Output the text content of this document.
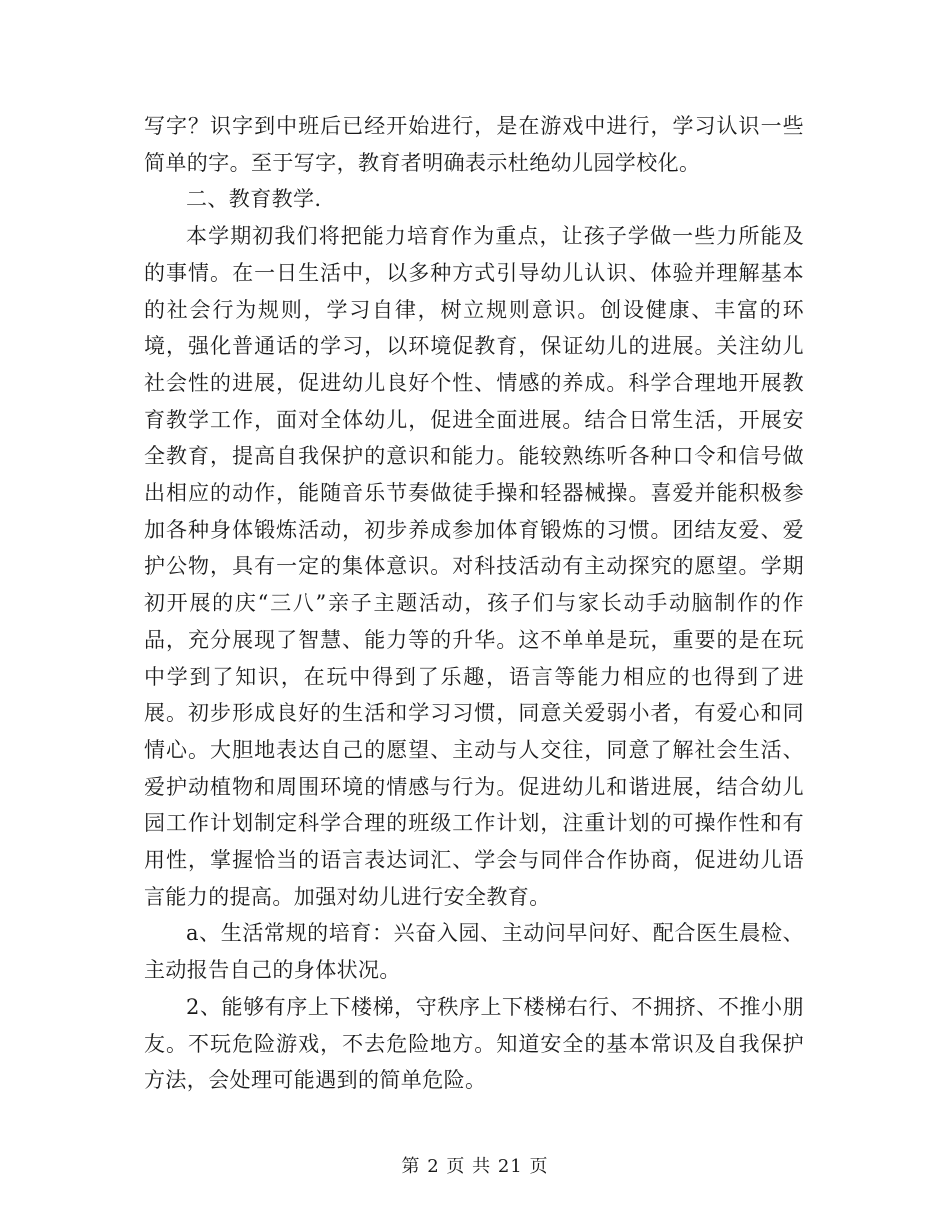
写字？识字到中班后已经开始进行，是在游戏中进行，学习认识一些简单的字。至于写字，教育者明确表示杜绝幼儿园学校化。

二、教育教学.

本学期初我们将把能力培育作为重点，让孩子学做一些力所能及的事情。在一日生活中，以多种方式引导幼儿认识、体验并理解基本的社会行为规则，学习自律，树立规则意识。创设健康、丰富的环境，强化普通话的学习，以环境促教育，保证幼儿的进展。关注幼儿社会性的进展，促进幼儿良好个性、情感的养成。科学合理地开展教育教学工作，面对全体幼儿，促进全面进展。结合日常生活，开展安全教育，提高自我保护的意识和能力。能较熟练听各种口令和信号做出相应的动作，能随音乐节奏做徒手操和轻器械操。喜爱并能积极参加各种身体锻炼活动，初步养成参加体育锻炼的习惯。团结友爱、爱护公物，具有一定的集体意识。对科技活动有主动探究的愿望。学期初开展的庆“三八”亲子主题活动，孩子们与家长动手动脑制作的作品，充分展现了智慧、能力等的升华。这不单单是玩，重要的是在玩中学到了知识，在玩中得到了乐趣，语言等能力相应的也得到了进展。初步形成良好的生活和学习习惯，同意关爱弱小者，有爱心和同情心。大胆地表达自己的愿望、主动与人交往，同意了解社会生活、爱护动植物和周围环境的情感与行为。促进幼儿和谐进展，结合幼儿园工作计划制定科学合理的班级工作计划，注重计划的可操作性和有用性，掌握恰当的语言表达词汇、学会与同伴合作协商，促进幼儿语言能力的提高。加强对幼儿进行安全教育。

a、生活常规的培育：兴奋入园、主动问早问好、配合医生晨检、主动报告自己的身体状况。

2、能够有序上下楼梯，守秩序上下楼梯右行、不拥挤、不推小朋友。不玩危险游戏，不去危险地方。知道安全的基本常识及自我保护方法，会处理可能遇到的简单危险。

第 2 页 共 21 页
